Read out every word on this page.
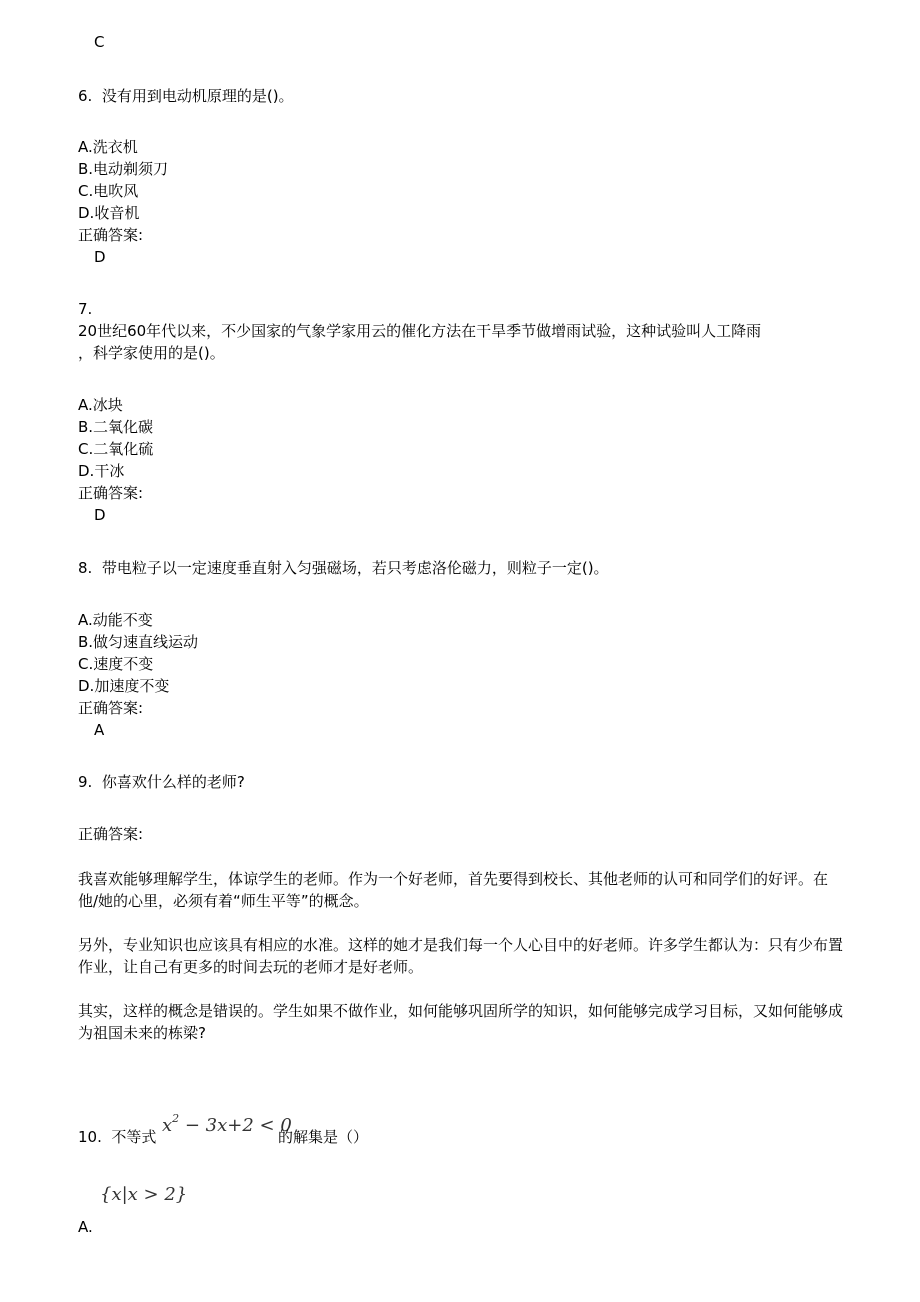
C
6.  没有用到电动机原理的是()。
A.洗衣机
B.电动剃须刀
C.电吹风
D.收音机
正确答案:
D
7.
20世纪60年代以来，不少国家的气象学家用云的催化方法在干旱季节做增雨试验，这种试验叫人工降雨
，科学家使用的是()。
A.冰块
B.二氧化碳
C.二氧化硫
D.干冰
正确答案:
D
8.  带电粒子以一定速度垂直射入匀强磁场，若只考虑洛伦磁力，则粒子一定()。
A.动能不变
B.做匀速直线运动
C.速度不变
D.加速度不变
正确答案:
A
9.  你喜欢什么样的老师?
正确答案:
我喜欢能够理解学生，体谅学生的老师。作为一个好老师，首先要得到校长、其他老师的认可和同学们的好评。在他/她的心里，必须有着“师生平等”的概念。
另外，专业知识也应该具有相应的水准。这样的她才是我们每一个人心目中的好老师。许多学生都认为：只有少布置作业，让自己有更多的时间去玩的老师才是好老师。
其实，这样的概念是错误的。学生如果不做作业，如何能够巩固所学的知识，如何能够完成学习目标，又如何能够成为祖国未来的栋梁?
10.  不等式
$x^2 - 3x+2 < 0$
的解集是（）
{x|x > 2}
A.
